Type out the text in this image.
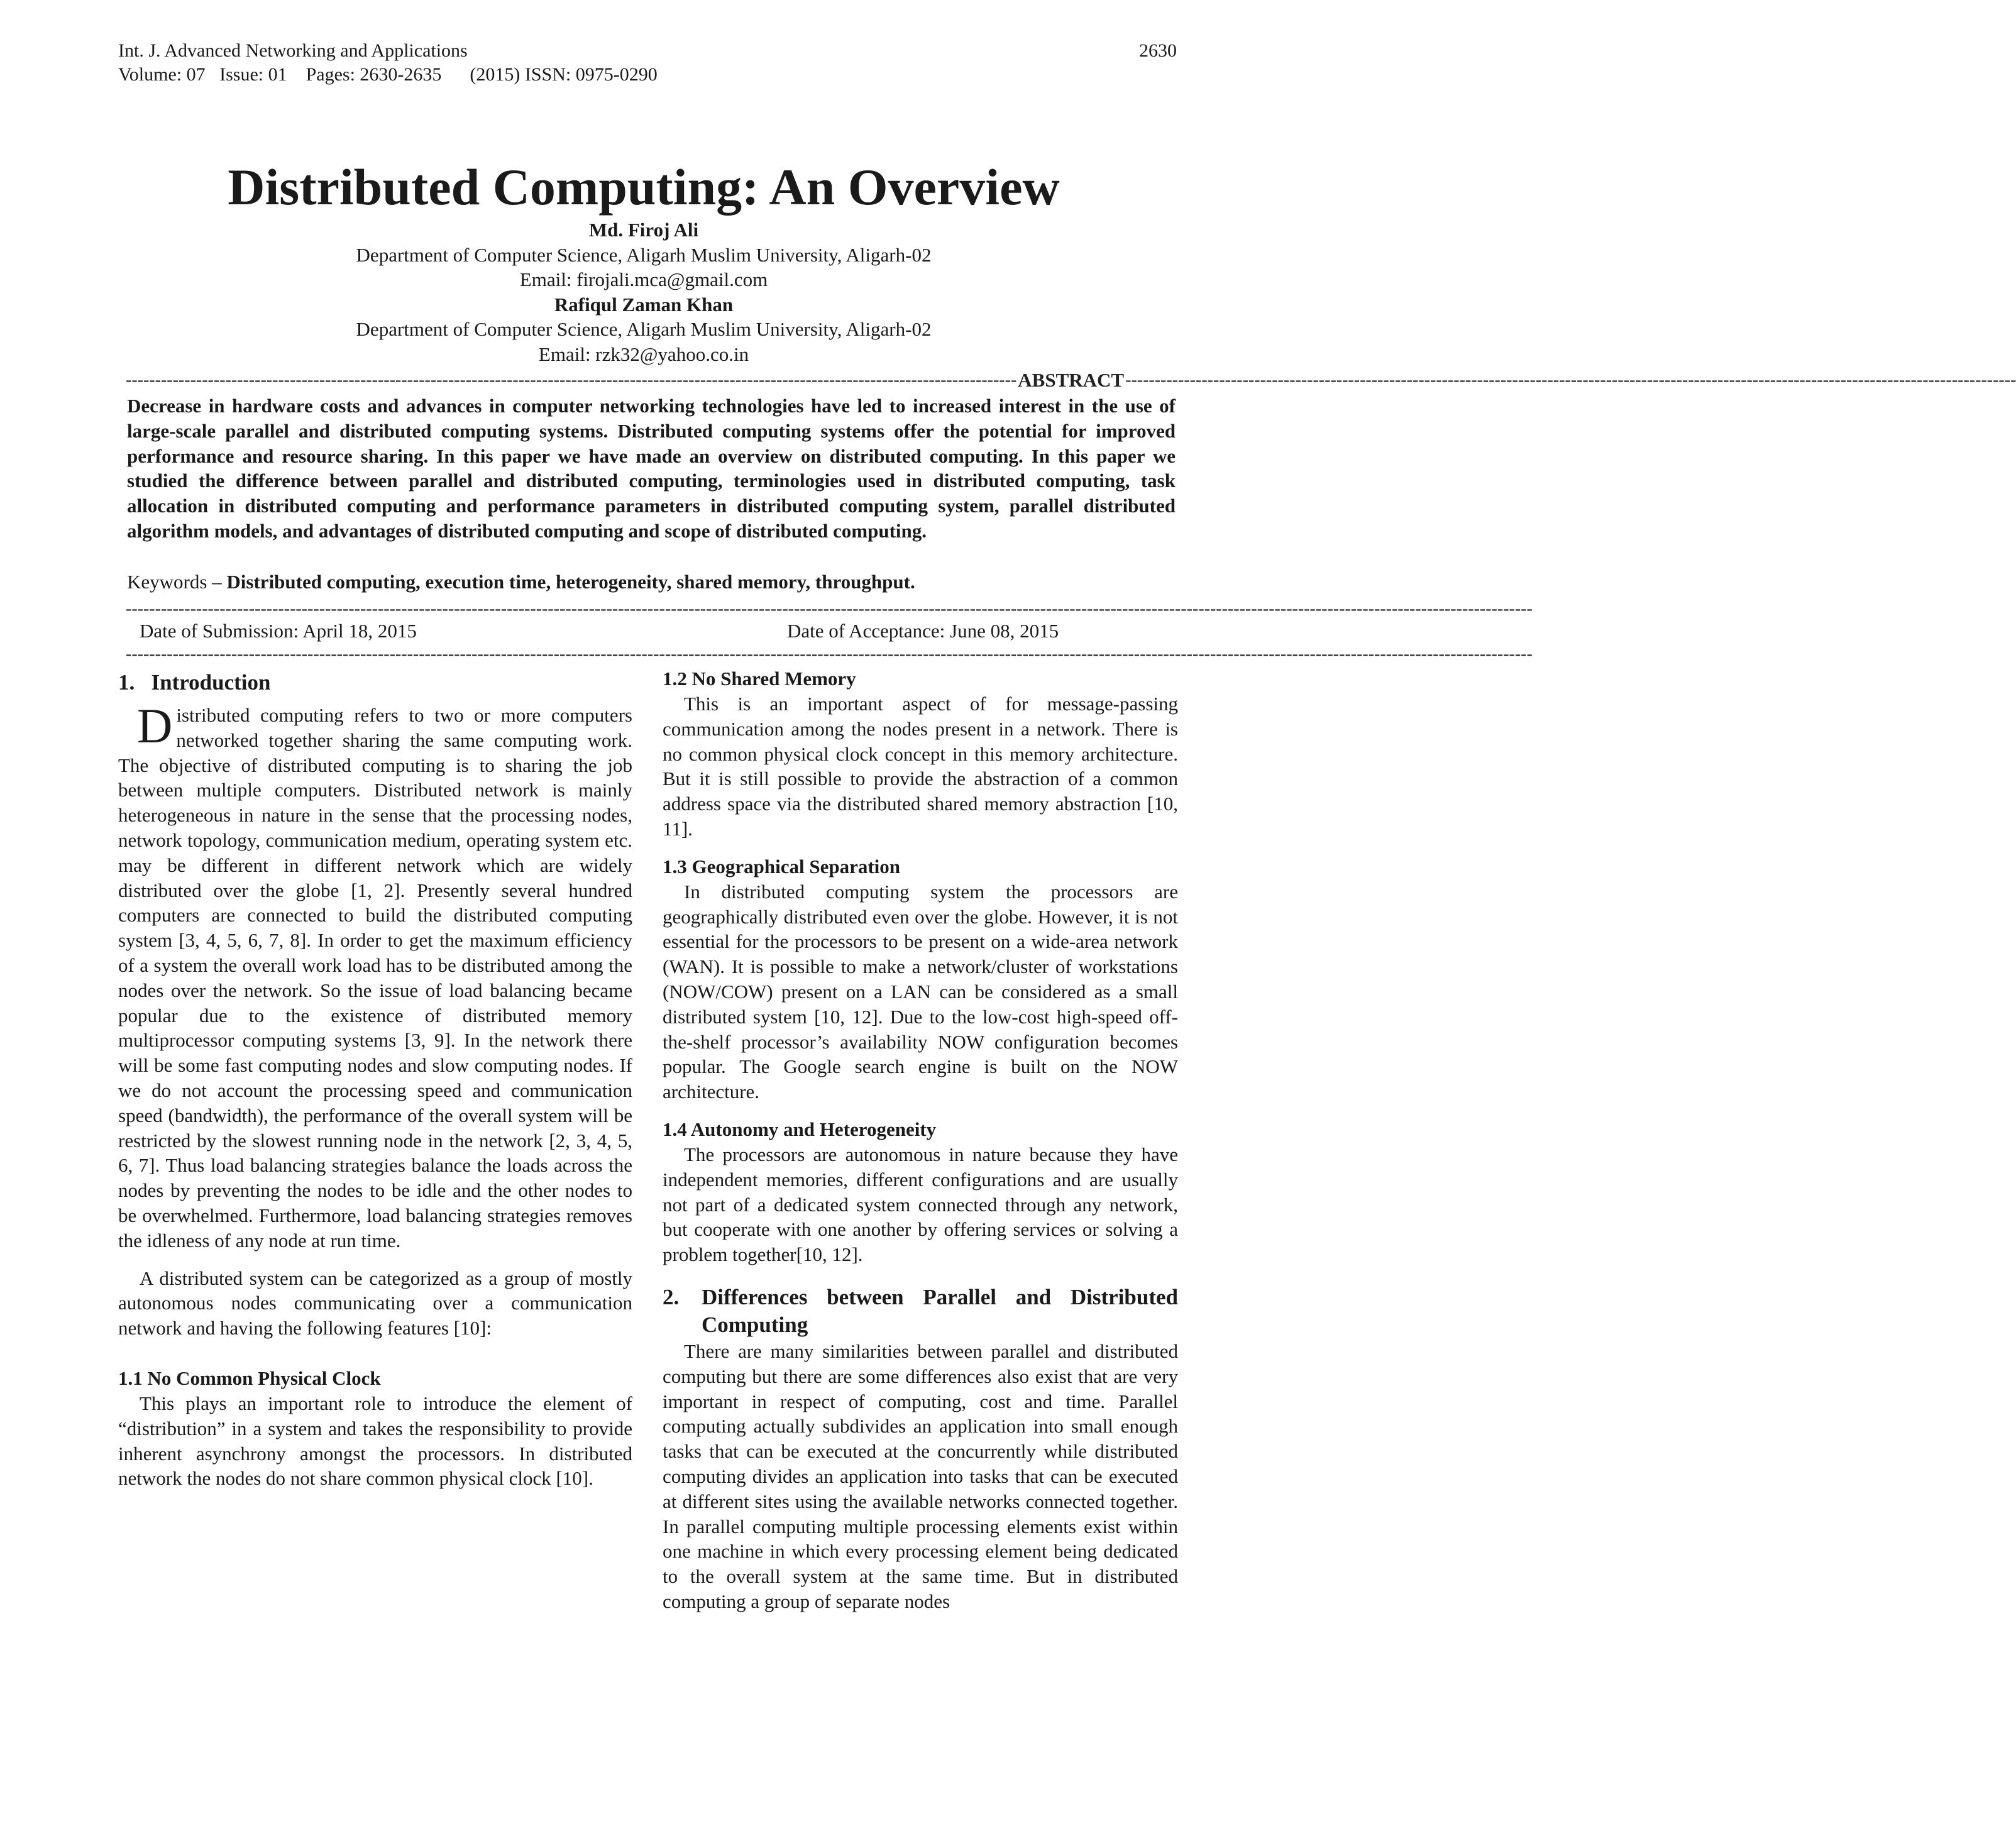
Int. J. Advanced Networking and Applications
Volume: 07   Issue: 01    Pages: 2630-2635      (2015) ISSN: 0975-0290
2630
Distributed Computing: An Overview
Md. Firoj Ali
Department of Computer Science, Aligarh Muslim University, Aligarh-02
Email: firojali.mca@gmail.com
Rafiqul Zaman Khan
Department of Computer Science, Aligarh Muslim University, Aligarh-02
Email: rzk32@yahoo.co.in
-------------------------------------------------------------------------------------------------------------------------------------------------------- ABSTRACT --------------------------------------------------------------------------------------------------------------------------------------------------------
Decrease in hardware costs and advances in computer networking technologies have led to increased interest in the use of large-scale parallel and distributed computing systems. Distributed computing systems offer the potential for improved performance and resource sharing. In this paper we have made an overview on distributed computing. In this paper we studied the difference between parallel and distributed computing, terminologies used in distributed computing, task allocation in distributed computing and performance parameters in distributed computing system, parallel distributed algorithm models, and advantages of distributed computing and scope of distributed computing.
Keywords – Distributed computing, execution time, heterogeneity, shared memory, throughput.
------------------------------------------------------------------------------------------------------------------------------------------------------------------------------------------------------------------------------------------------
Date of Submission: April 18, 2015	Date of Acceptance: June 08, 2015
------------------------------------------------------------------------------------------------------------------------------------------------------------------------------------------------------------------------------------------------
1.   Introduction

Distributed computing refers to two or more computers networked together sharing the same computing work. The objective of distributed computing is to sharing the job between multiple computers. Distributed network is mainly heterogeneous in nature in the sense that the processing nodes, network topology, communication medium, operating system etc. may be different in different network which are widely distributed over the globe [1, 2]. Presently several hundred computers are connected to build the distributed computing system [3, 4, 5, 6, 7, 8]. In order to get the maximum efficiency of a system the overall work load has to be distributed among the nodes over the network. So the issue of load balancing became popular due to the existence of distributed memory multiprocessor computing systems [3, 9]. In the network there will be some fast computing nodes and slow computing nodes. If we do not account the processing speed and communication speed (bandwidth), the performance of the overall system will be restricted by the slowest running node in the network [2, 3, 4, 5, 6, 7]. Thus load balancing strategies balance the loads across the nodes by preventing the nodes to be idle and the other nodes to be overwhelmed. Furthermore, load balancing strategies removes the idleness of any node at run time.

A distributed system can be categorized as a group of mostly autonomous nodes communicating over a communication network and having the following features [10]:

1.1 No Common Physical Clock

This plays an important role to introduce the element of “distribution” in a system and takes the responsibility to provide inherent asynchrony amongst the processors. In distributed network the nodes do not share common physical clock [10].

1.2 No Shared Memory

This is an important aspect of for message-passing communication among the nodes present in a network. There is no common physical clock concept in this memory architecture. But it is still possible to provide the abstraction of a common address space via the distributed shared memory abstraction [10, 11].

1.3 Geographical Separation

In distributed computing system the processors are geographically distributed even over the globe. However, it is not essential for the processors to be present on a wide-area network (WAN). It is possible to make a network/cluster of workstations (NOW/COW) present on a LAN can be considered as a small distributed system [10, 12]. Due to the low-cost high-speed off-the-shelf processor’s availability NOW configuration becomes popular. The Google search engine is built on the NOW architecture.

1.4 Autonomy and Heterogeneity

The processors are autonomous in nature because they have independent memories, different configurations and are usually not part of a dedicated system connected through any network, but cooperate with one another by offering services or solving a problem together[10, 12].

2.	Differences between Parallel and Distributed Computing

There are many similarities between parallel and distributed computing but there are some differences also exist that are very important in respect of computing, cost and time. Parallel computing actually subdivides an application into small enough tasks that can be executed at the concurrently while distributed computing divides an application into tasks that can be executed at different sites using the available networks connected together. In parallel computing multiple processing elements exist within one machine in which every processing element being dedicated to the overall system at the same time. But in distributed computing a group of separate nodes
